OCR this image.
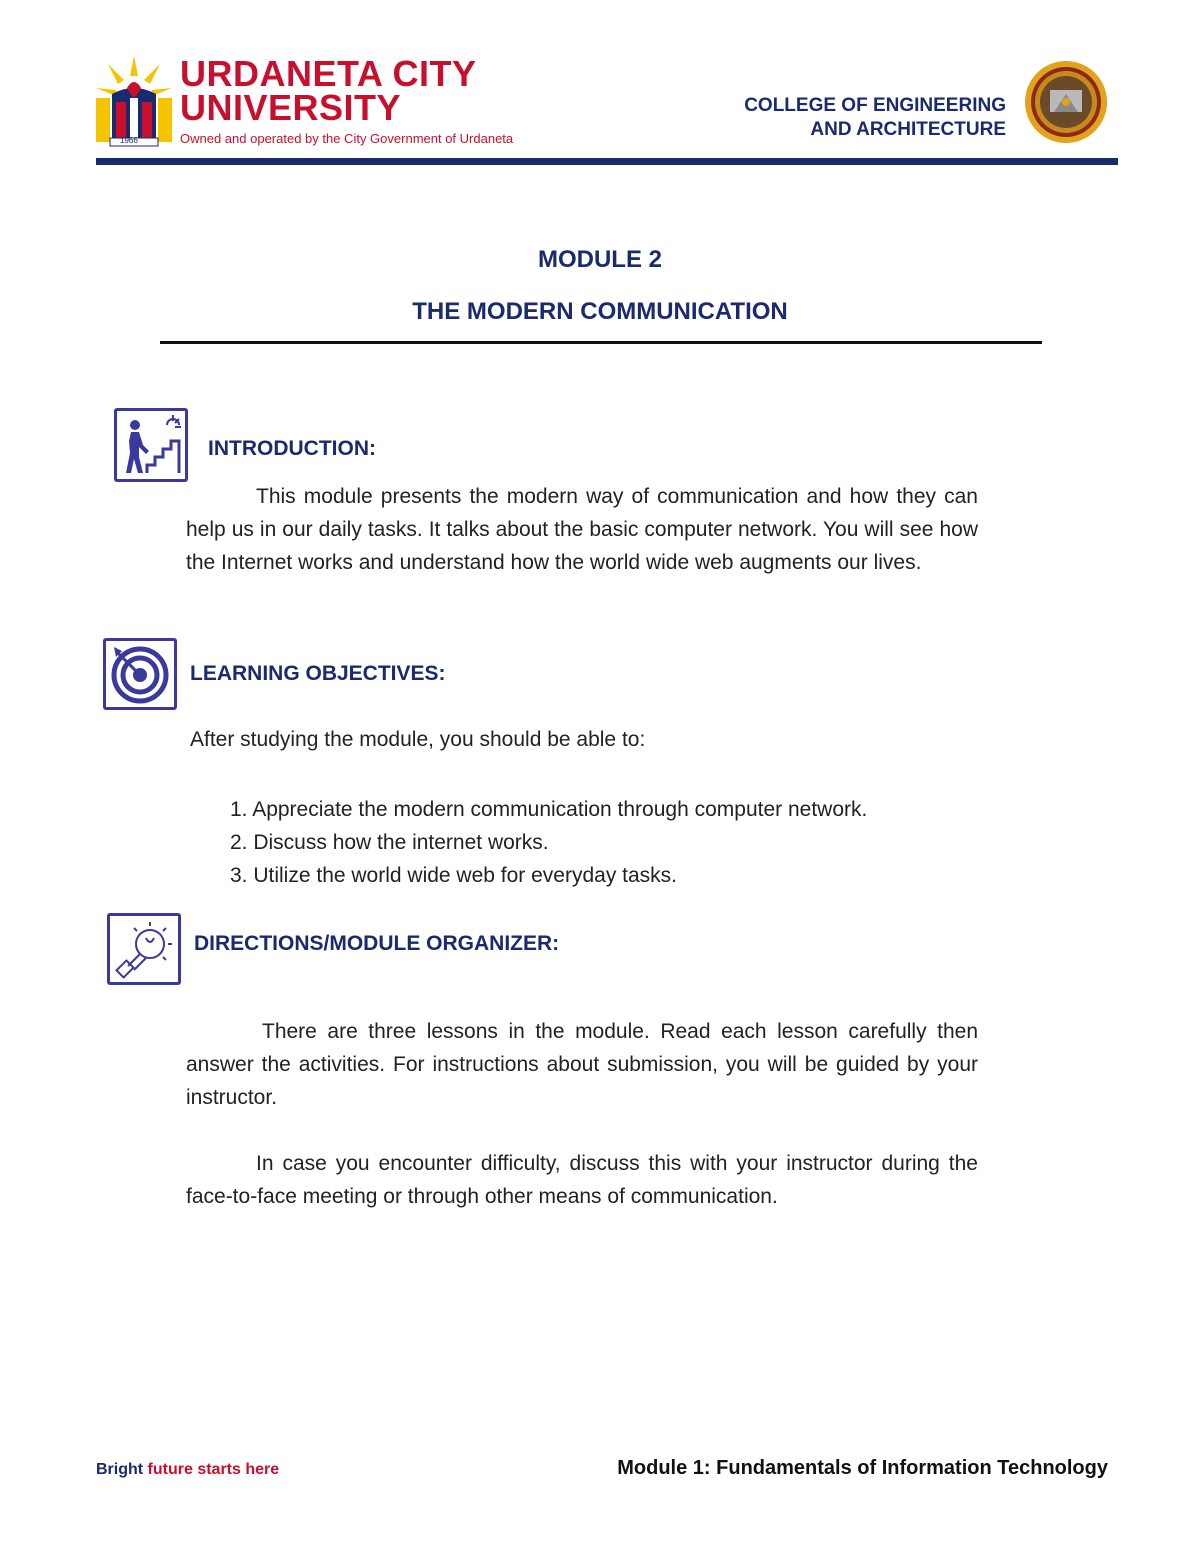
1966
URDANETA CITY
UNIVERSITY
Owned and operated by the City Government of Urdaneta
COLLEGE OF ENGINEERING
AND ARCHITECTURE
MODULE 2
THE MODERN COMMUNICATION
INTRODUCTION:
This module presents the modern way of communication and how they can help us in our daily tasks. It talks about the basic computer network. You will see how the Internet works and understand how the world wide web augments our lives.
LEARNING OBJECTIVES:
After studying the module, you should be able to:
1. Appreciate the modern communication through computer network.
2. Discuss how the internet works.
3. Utilize the world wide web for everyday tasks.
DIRECTIONS/MODULE ORGANIZER:
There are three lessons in the module. Read each lesson carefully then answer the activities. For instructions about submission, you will be guided by your instructor.
In case you encounter difficulty, discuss this with your instructor during the face-to-face meeting or through other means of communication.
Bright future starts here	Module 1: Fundamentals of Information Technology
